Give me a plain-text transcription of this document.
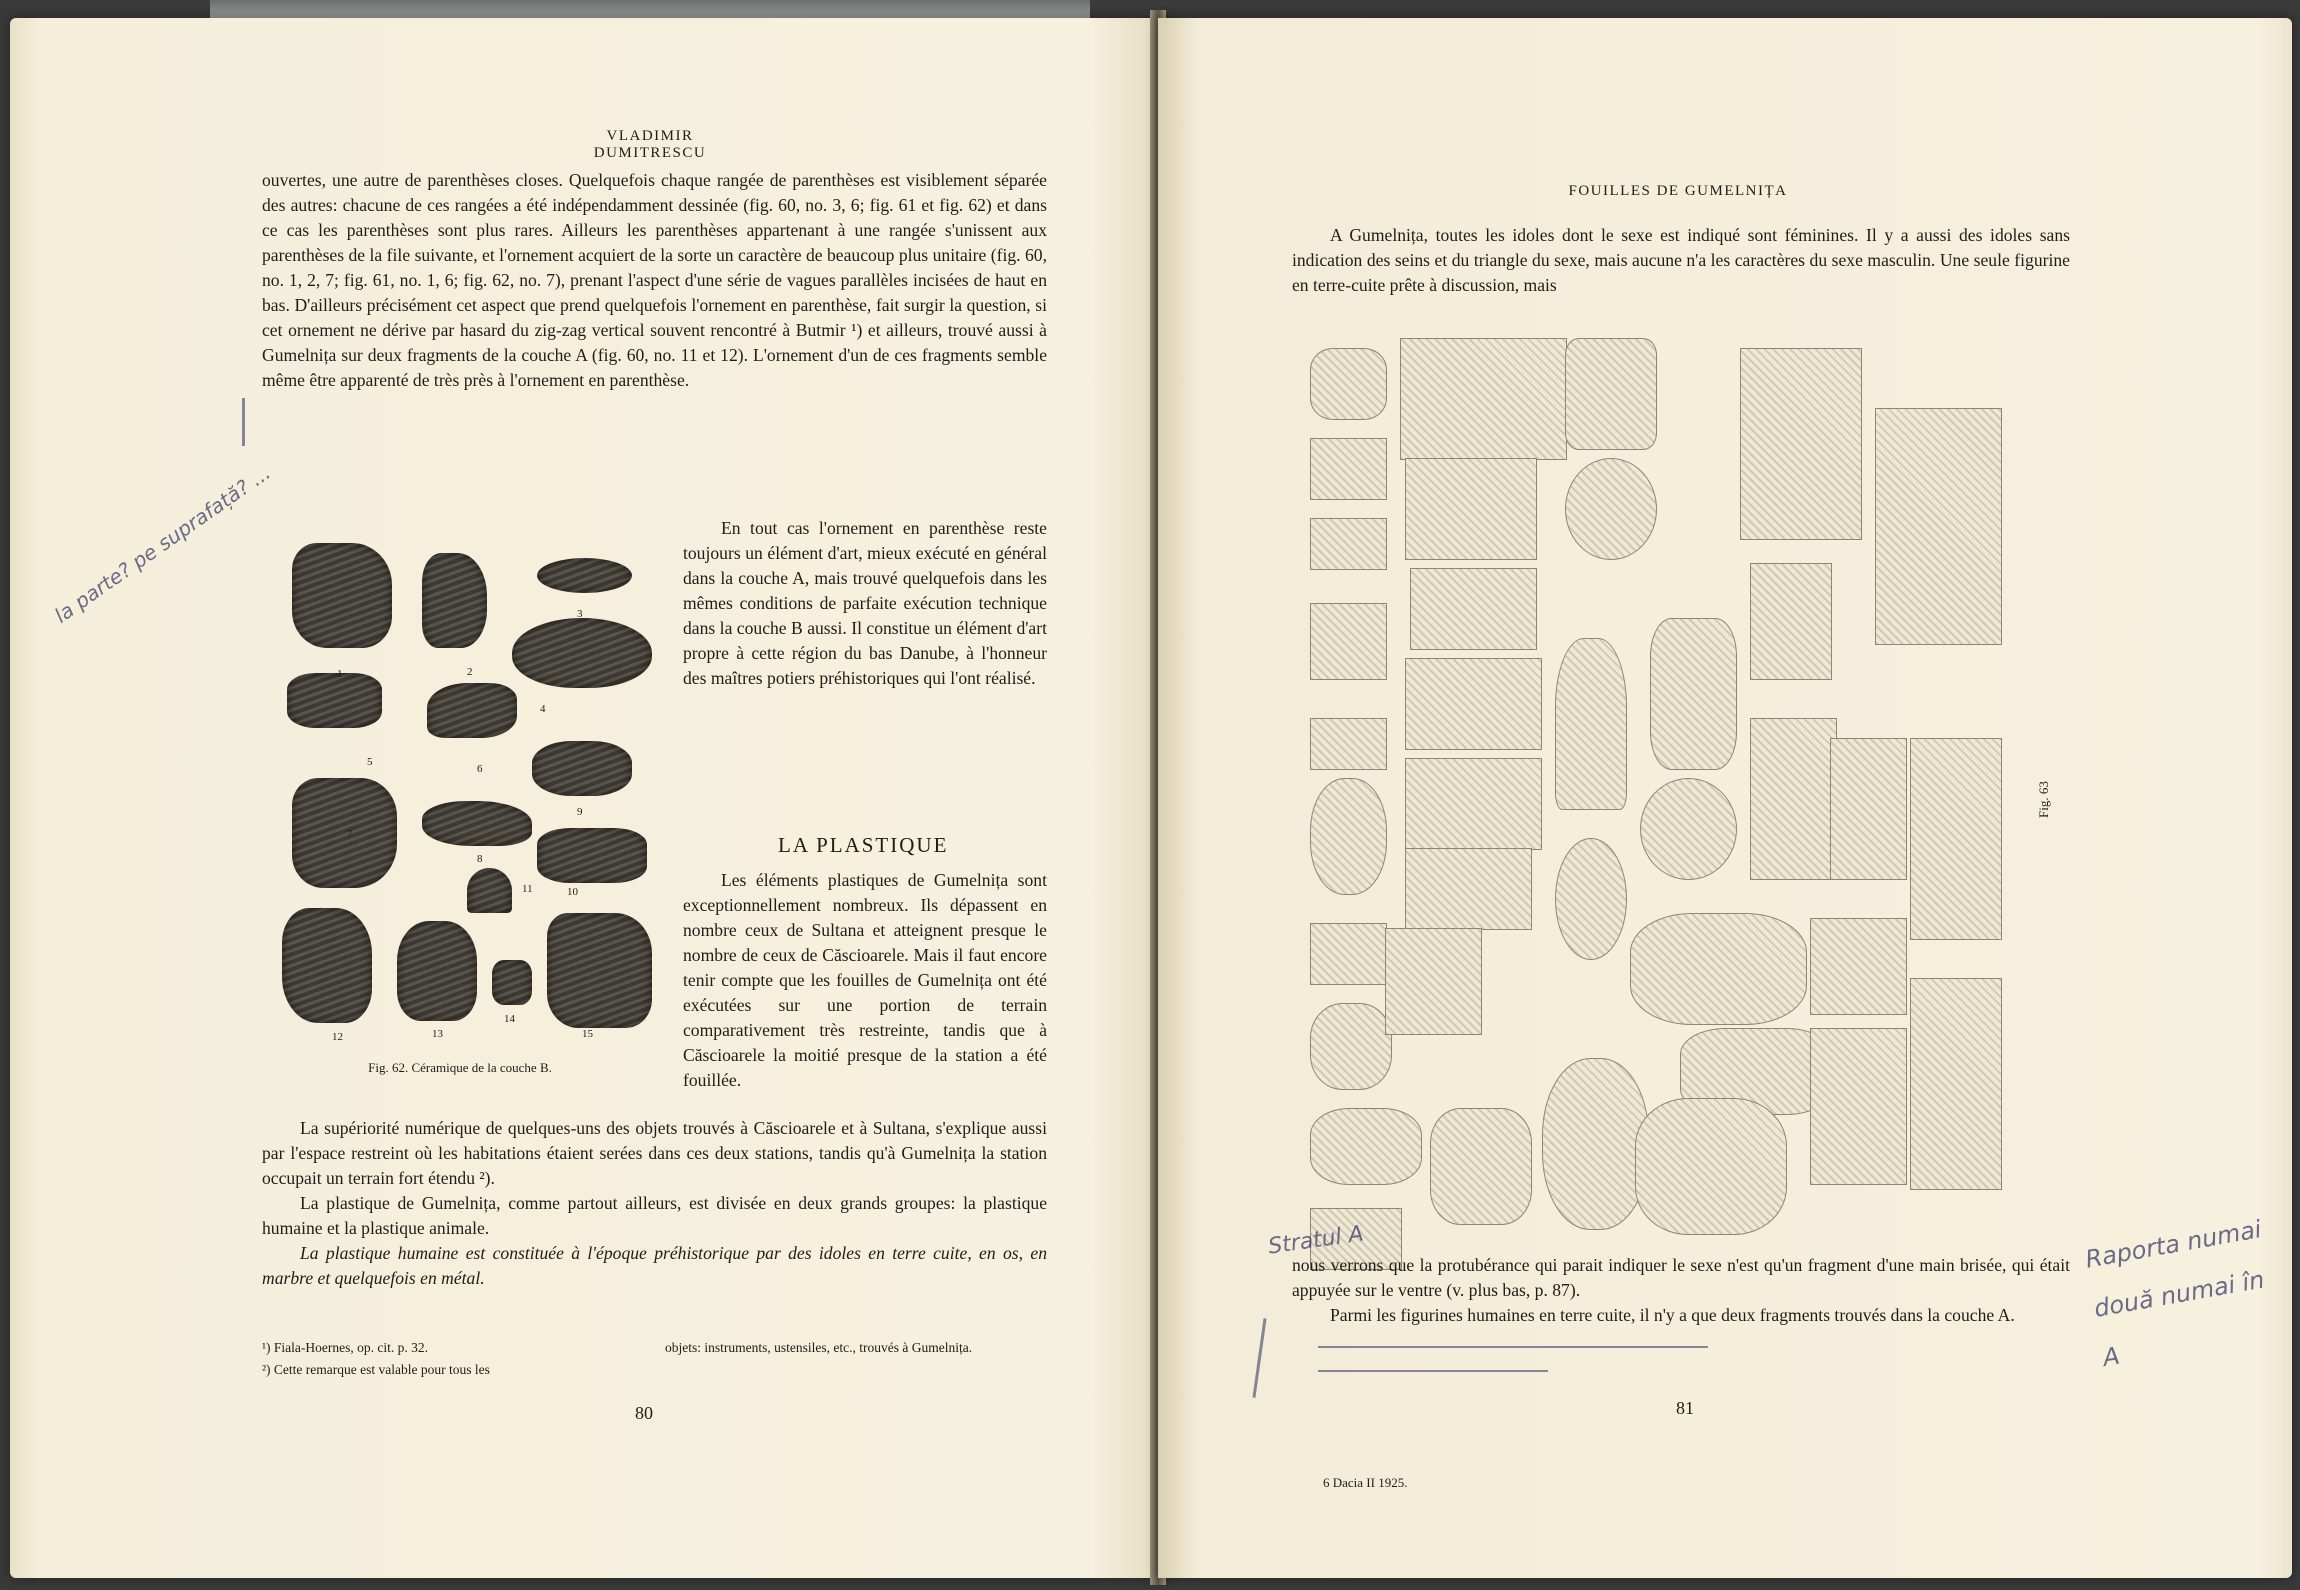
VLADIMIR DUMITRESCU

ouvertes, une autre de parenthèses closes. Quelquefois chaque rangée de parenthèses est visiblement séparée des autres: chacune de ces rangées a été indépendamment dessinée (fig. 60, no. 3, 6; fig. 61 et fig. 62) et dans ce cas les parenthèses sont plus rares. Ailleurs les parenthèses appartenant à une rangée s'unissent aux parenthèses de la file suivante, et l'ornement acquiert de la sorte un caractère de beaucoup plus unitaire (fig. 60, no. 1, 2, 7; fig. 61, no. 1, 6; fig. 62, no. 7), prenant l'aspect d'une série de vagues parallèles incisées de haut en bas. D'ailleurs précisément cet aspect que prend quelquefois l'ornement en parenthèse, fait surgir la question, si cet ornement ne dérive par hasard du zig-zag vertical souvent rencontré à Butmir ¹) et ailleurs, trouvé aussi à Gumelnița sur deux fragments de la couche A (fig. 60, no. 11 et 12). L'ornement d'un de ces fragments semble même être apparenté de très près à l'ornement en parenthèse.

1	2
3
4
5
6
7
8
9
10
11
12	13
14
15
Fig. 62. Céramique de la couche B.

En tout cas l'ornement en parenthèse reste toujours un élément d'art, mieux exécuté en général dans la couche A, mais trouvé quelquefois dans les mêmes conditions de parfaite exécution technique dans la couche B aussi. Il constitue un élément d'art propre à cette région du bas Danube, à l'honneur des maîtres potiers préhistoriques qui l'ont réalisé.

LA PLASTIQUE

Les éléments plastiques de Gumelnița sont exceptionnellement nombreux. Ils dépassent en nombre ceux de Sultana et atteignent presque le nombre de ceux de Căscioarele. Mais il faut encore tenir compte que les fouilles de Gumelnița ont été exécutées sur une portion de terrain comparativement très restreinte, tandis que à Căscioarele la moitié presque de la station a été fouillée.

La supériorité numérique de quelques-uns des objets trouvés à Căscioarele et à Sultana, s'explique aussi par l'espace restreint où les habitations étaient serées dans ces deux stations, tandis qu'à Gumelnița la station occupait un terrain fort étendu ²).

La plastique de Gumelnița, comme partout ailleurs, est divisée en deux grands groupes: la plastique humaine et la plastique animale.

La plastique humaine est constituée à l'époque préhistorique par des idoles en terre cuite, en os, en marbre et quelquefois en métal.

¹) Fiala-Hoernes, op. cit. p. 32.
²) Cette remarque est valable pour tous les
objets: instruments, ustensiles, etc., trouvés à Gumelnița.
80
la parte? pe suprafață? ...
FOUILLES DE GUMELNIȚA

A Gumelnița, toutes les idoles dont le sexe est indiqué sont féminines. Il y a aussi des idoles sans indication des seins et du triangle du sexe, mais aucune n'a les caractères du sexe masculin. Une seule figurine en terre-cuite prête à discussion, mais

Fig. 63

nous verrons que la protubérance qui parait indiquer le sexe n'est qu'un fragment d'une main brisée, qui était appuyée sur le ventre (v. plus bas, p. 87).

Parmi les figurines humaines en terre cuite, il n'y a que deux fragments trouvés dans la couche A.

81
6 Dacia II 1925.
Stratul A	Raporta numai două numai în A
